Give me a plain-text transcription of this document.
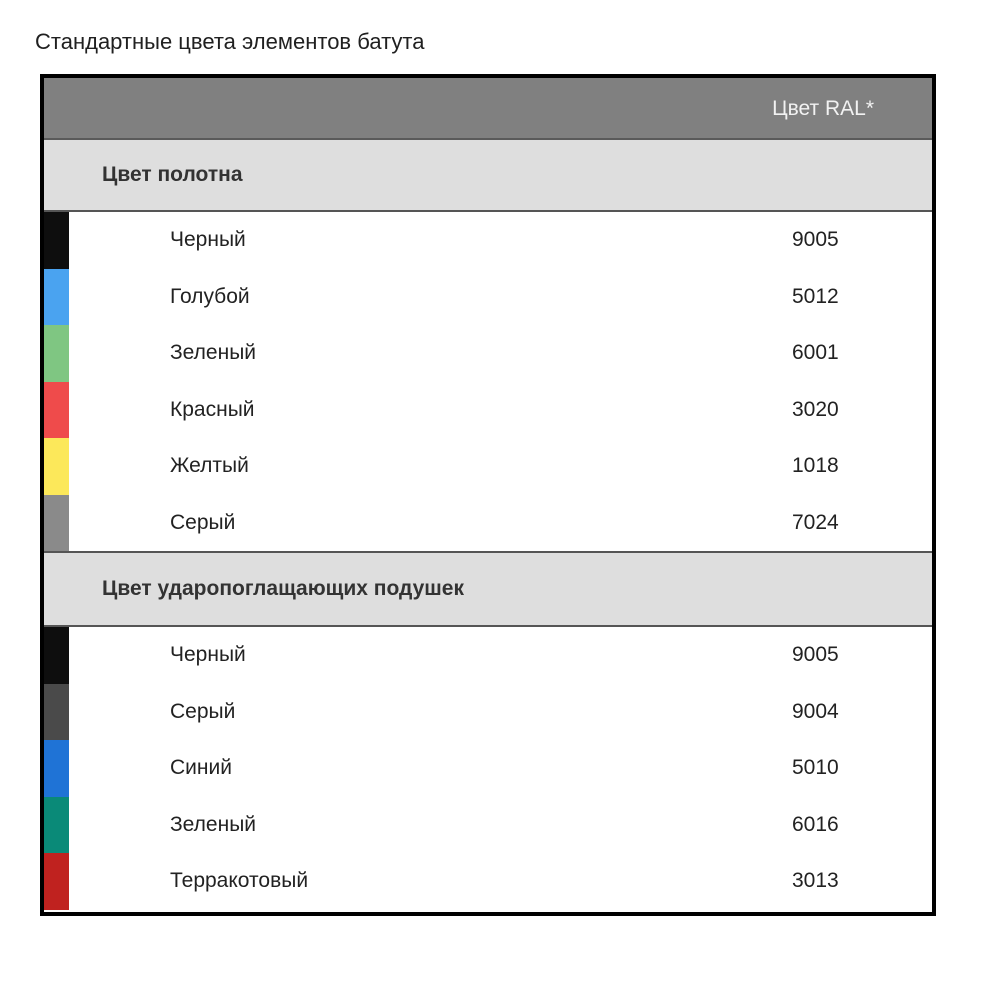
Стандартные цвета элементов батута
Цвет RAL*
Цвет полотна
Черный	9005
Голубой	5012
Зеленый	6001
Красный	3020
Желтый	1018
Серый	7024
Цвет ударопоглащающих подушек
Черный	9005
Серый	9004
Синий	5010
Зеленый	6016
Терракотовый	3013
